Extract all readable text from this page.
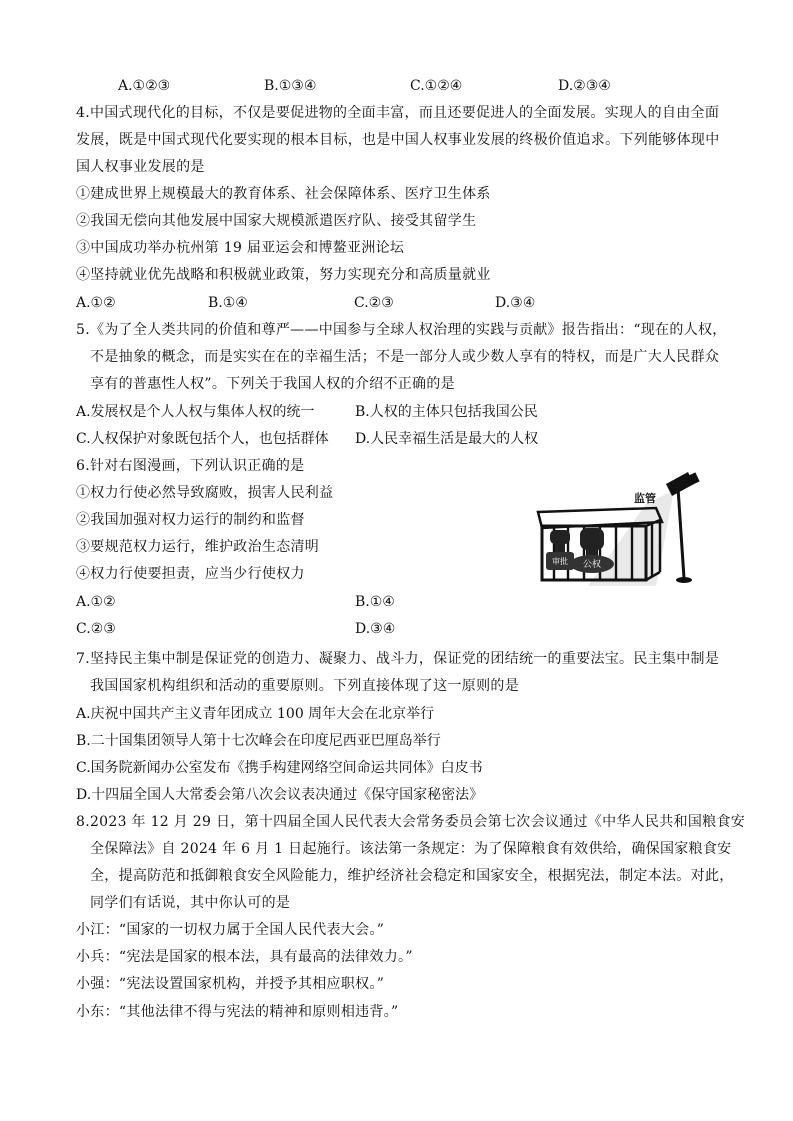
A.①②③	B.①③④	C.①②④	D.②③④
4.中国式现代化的目标，不仅是要促进物的全面丰富，而且还要促进人的全面发展。实现人的自由全面
发展，既是中国式现代化要实现的根本目标，也是中国人权事业发展的终极价值追求。下列能够体现中
国人权事业发展的是
①建成世界上规模最大的教育体系、社会保障体系、医疗卫生体系
②我国无偿向其他发展中国家大规模派遣医疗队、接受其留学生
③中国成功举办杭州第 19 届亚运会和博鳌亚洲论坛
④坚持就业优先战略和积极就业政策，努力实现充分和高质量就业
A.①②	B.①④	C.②③	D.③④
5.《为了全人类共同的价值和尊严——中国参与全球人权治理的实践与贡献》报告指出：“现在的人权，
不是抽象的概念，而是实实在在的幸福生活；不是一部分人或少数人享有的特权，而是广大人民群众
享有的普惠性人权”。下列关于我国人权的介绍不正确的是
A.发展权是个人人权与集体人权的统一	B.人权的主体只包括我国公民
C.人权保护对象既包括个人，也包括群体 D.人民幸福生活是最大的人权
6.针对右图漫画，下列认识正确的是
①权力行使必然导致腐败，损害人民利益
②我国加强对权力运行的制约和监督
③要规范权力运行，维护政治生态清明
④权力行使要担责，应当少行使权力
A.①②	B.①④
C.②③	D.③④
审批 公权
监管
7.坚持民主集中制是保证党的创造力、凝聚力、战斗力，保证党的团结统一的重要法宝。民主集中制是
我国国家机构组织和活动的重要原则。下列直接体现了这一原则的是
A.庆祝中国共产主义青年团成立 100 周年大会在北京举行
B.二十国集团领导人第十七次峰会在印度尼西亚巴厘岛举行
C.国务院新闻办公室发布《携手构建网络空间命运共同体》白皮书
D.十四届全国人大常委会第八次会议表决通过《保守国家秘密法》
8.2023 年 12 月 29 日，第十四届全国人民代表大会常务委员会第七次会议通过《中华人民共和国粮食安
全保障法》自 2024 年 6 月 1 日起施行。该法第一条规定：为了保障粮食有效供给，确保国家粮食安
全，提高防范和抵御粮食安全风险能力，维护经济社会稳定和国家安全，根据宪法，制定本法。对此，
同学们有话说，其中你认可的是
小江：“国家的一切权力属于全国人民代表大会。”
小兵：“宪法是国家的根本法，具有最高的法律效力。”
小强：“宪法设置国家机构，并授予其相应职权。”
小东：“其他法律不得与宪法的精神和原则相违背。”
